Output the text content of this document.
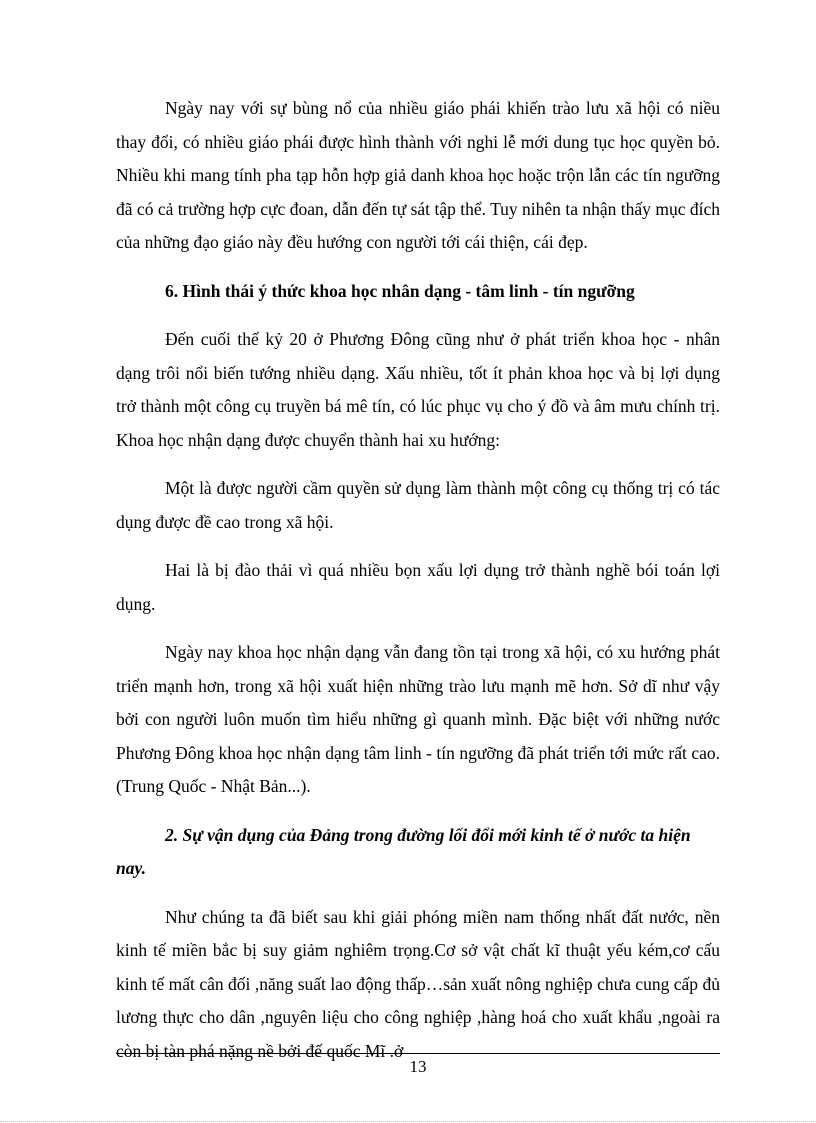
Ngày nay với sự bùng nổ của nhiều giáo phái khiến trào lưu xã hội có niều thay đổi, có nhiều giáo phái được hình thành với nghi lễ mới dung tục học quyền bỏ. Nhiều khi mang tính pha tạp hỗn hợp giả danh khoa học hoặc trộn lẫn các tín ngưỡng đã có cả trường hợp cực đoan, dẫn đến tự sát tập thể. Tuy nihên ta nhận thấy mục đích của những đạo giáo này đều hướng con người tới cái thiện, cái đẹp.

6. Hình thái ý thức khoa học nhân dạng - tâm linh - tín ngưỡng

Đến cuối thế kỷ 20 ở Phương Đông cũng như ở phát triển khoa học - nhân dạng trôi nổi biến tướng nhiều dạng. Xấu nhiều, tốt ít phản khoa học và bị lợi dụng trở thành một công cụ truyền bá mê tín, có lúc phục vụ cho ý đồ và âm mưu chính trị. Khoa học nhận dạng được chuyển thành hai xu hướng:

Một là được người cầm quyền sử dụng làm thành một công cụ thống trị có tác dụng được đề cao trong xã hội.

Hai là bị đào thải vì quá nhiều bọn xấu lợi dụng trở thành nghề bói toán lợi dụng.

Ngày nay khoa học nhận dạng vẫn đang tồn tại trong xã hội, có xu hướng phát triển mạnh hơn, trong xã hội xuất hiện những trào lưu mạnh mẽ hơn. Sở dĩ như vậy bởi con người luôn muốn tìm hiểu những gì quanh mình. Đặc biệt với những nước Phương Đông khoa học nhận dạng tâm linh - tín ngưỡng đã phát triển tới mức rất cao. (Trung Quốc - Nhật Bản...).

2. Sự vận dụng của Đảng trong đường lối đổi mới kinh tế ở nước ta hiện nay.

Như chúng ta đã biết sau khi giải phóng miền nam thống nhất đất nước, nền kinh tế miền bắc bị suy giảm nghiêm trọng.Cơ sở vật chất kĩ thuật yếu kém,cơ cấu kinh tế mất cân đối ,năng suất lao động thấp…sản xuất nông nghiệp chưa cung cấp đủ lương thực cho dân ,nguyên liệu cho công nghiệp ,hàng hoá cho xuất khẩu ,ngoài ra còn bị tàn phá nặng nề bởi đế quốc Mĩ .ở

13
